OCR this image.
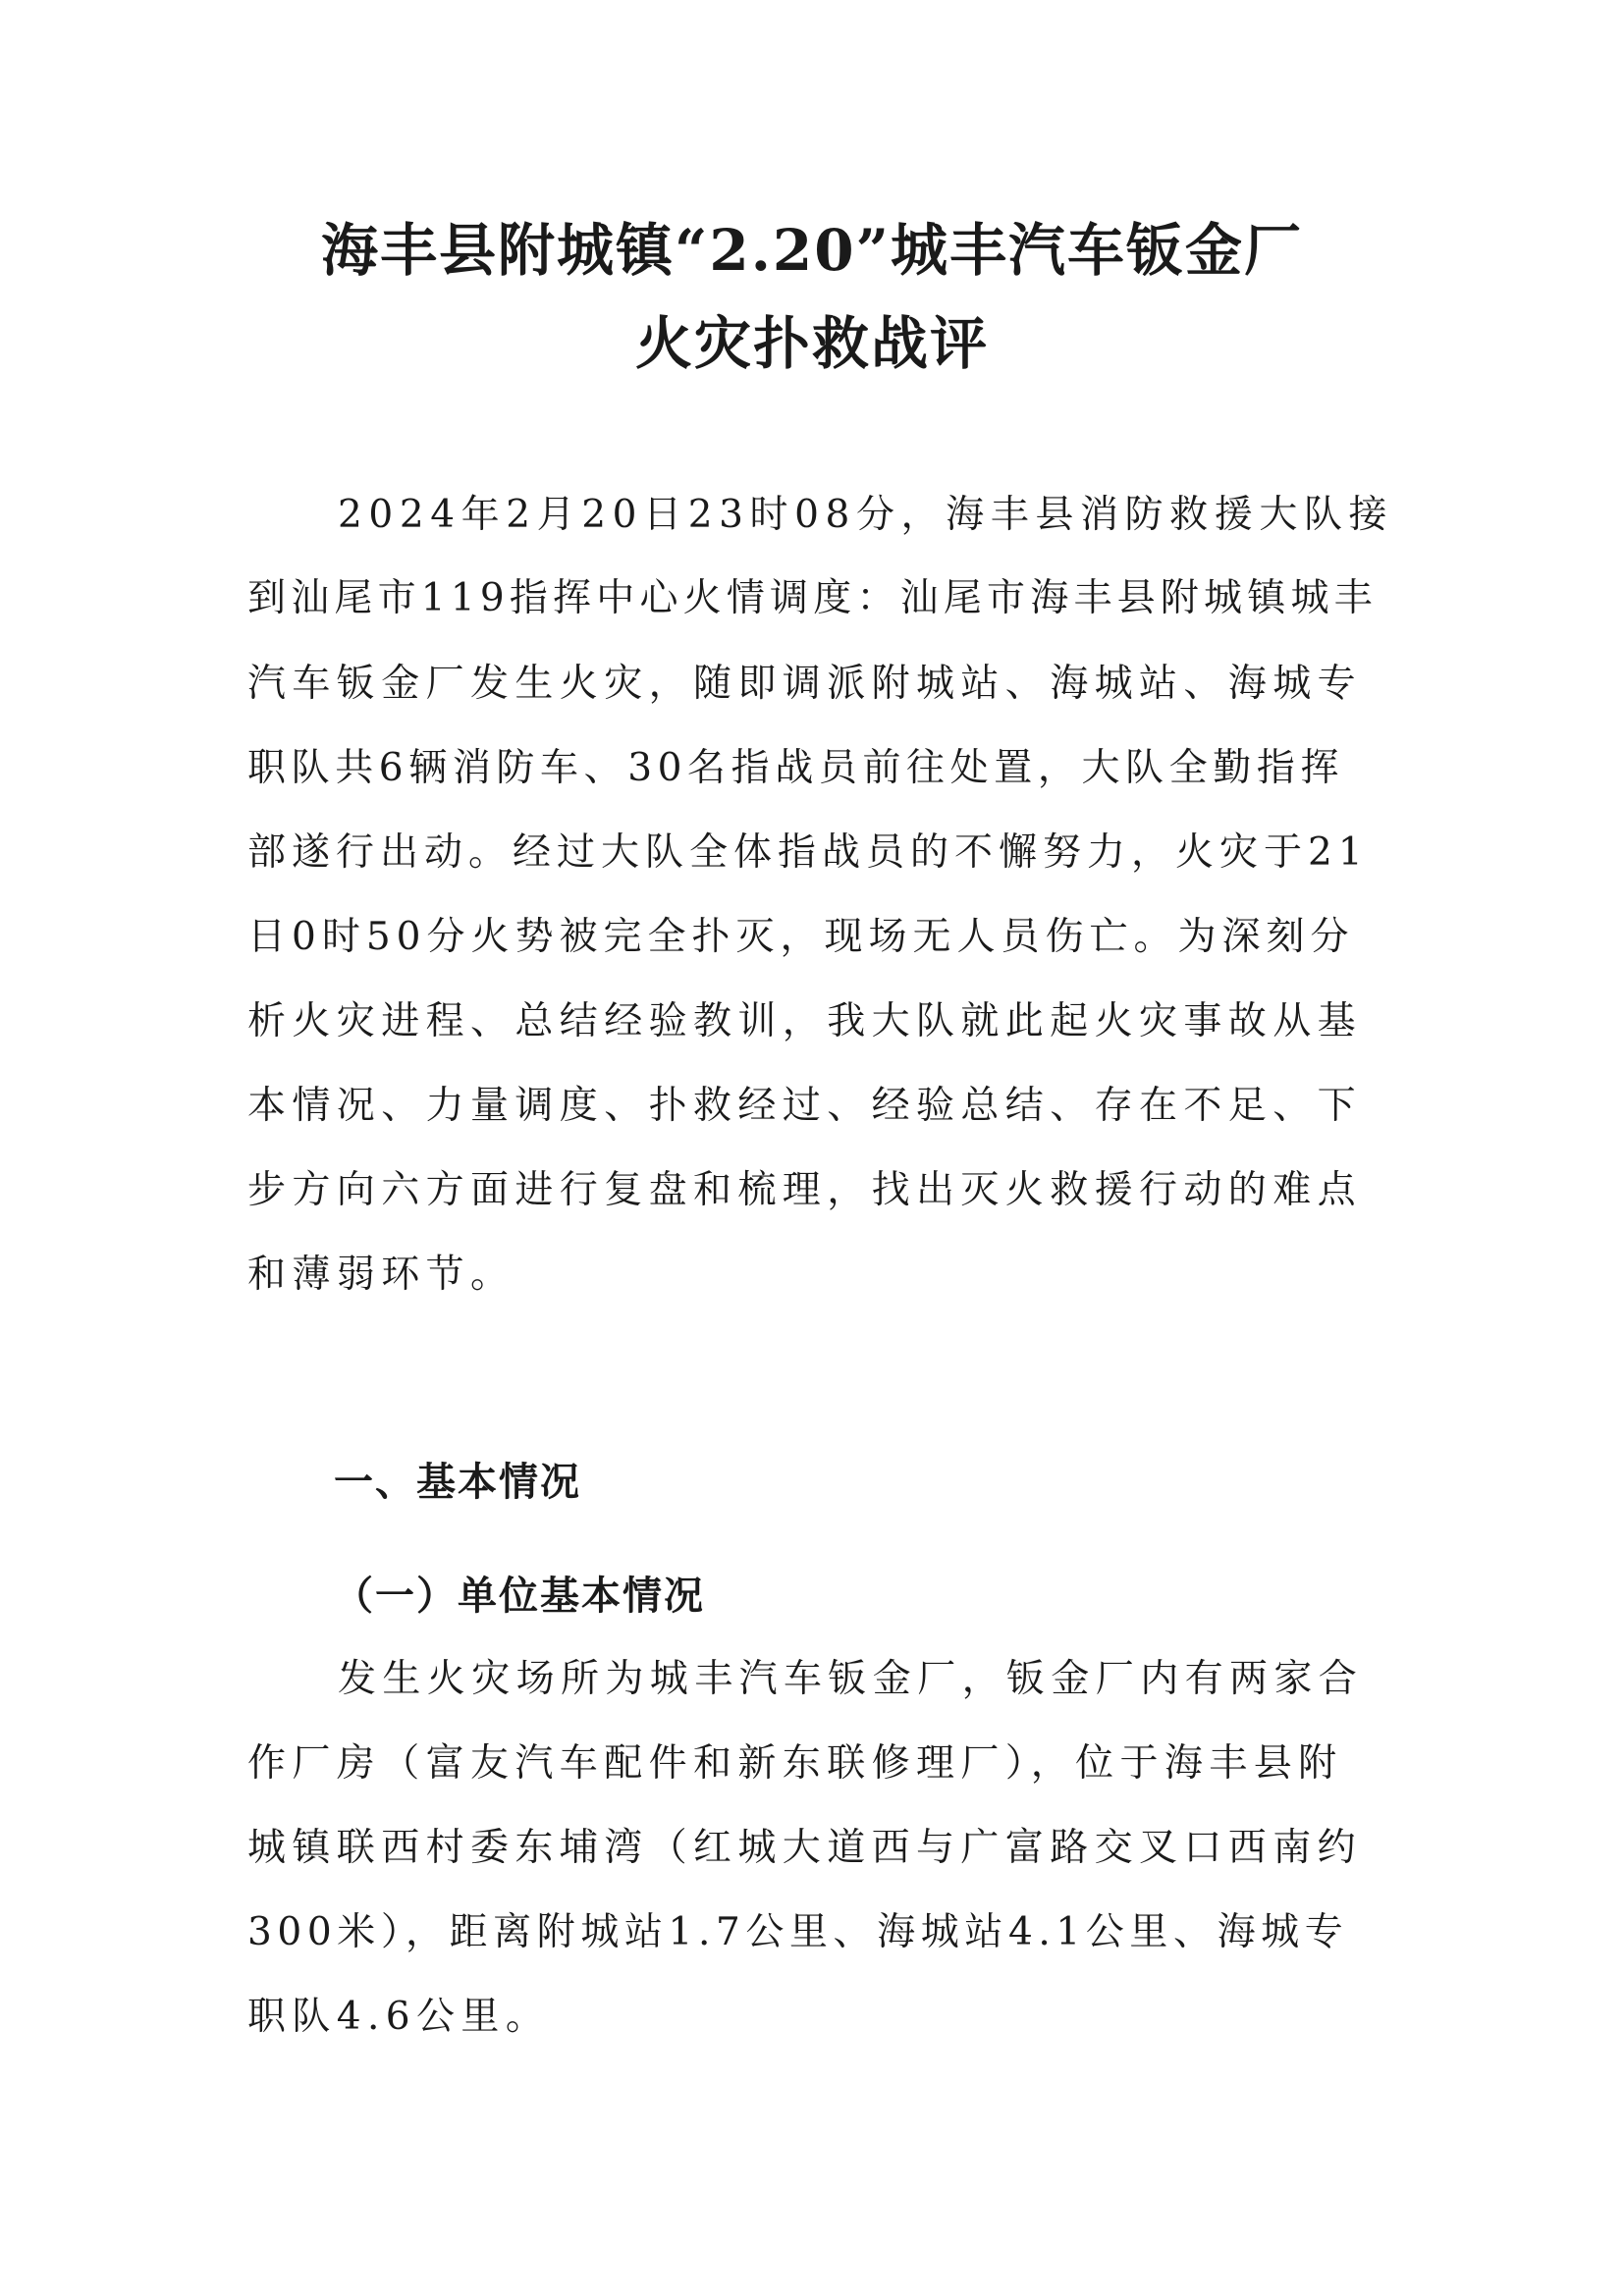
海丰县附城镇“2.20”城丰汽车钣金厂
火灾扑救战评
2024年2月20日23时08分，海丰县消防救援大队接
到汕尾市119指挥中心火情调度：汕尾市海丰县附城镇城丰
汽车钣金厂发生火灾，随即调派附城站、海城站、海城专
职队共6辆消防车、30名指战员前往处置，大队全勤指挥
部遂行出动。经过大队全体指战员的不懈努力，火灾于21
日0时50分火势被完全扑灭，现场无人员伤亡。为深刻分
析火灾进程、总结经验教训，我大队就此起火灾事故从基
本情况、力量调度、扑救经过、经验总结、存在不足、下
步方向六方面进行复盘和梳理，找出灭火救援行动的难点
和薄弱环节。
一、基本情况
（一）单位基本情况
发生火灾场所为城丰汽车钣金厂，钣金厂内有两家合
作厂房（富友汽车配件和新东联修理厂），位于海丰县附
城镇联西村委东埔湾（红城大道西与广富路交叉口西南约
300米），距离附城站1.7公里、海城站4.1公里、海城专
职队4.6公里。
